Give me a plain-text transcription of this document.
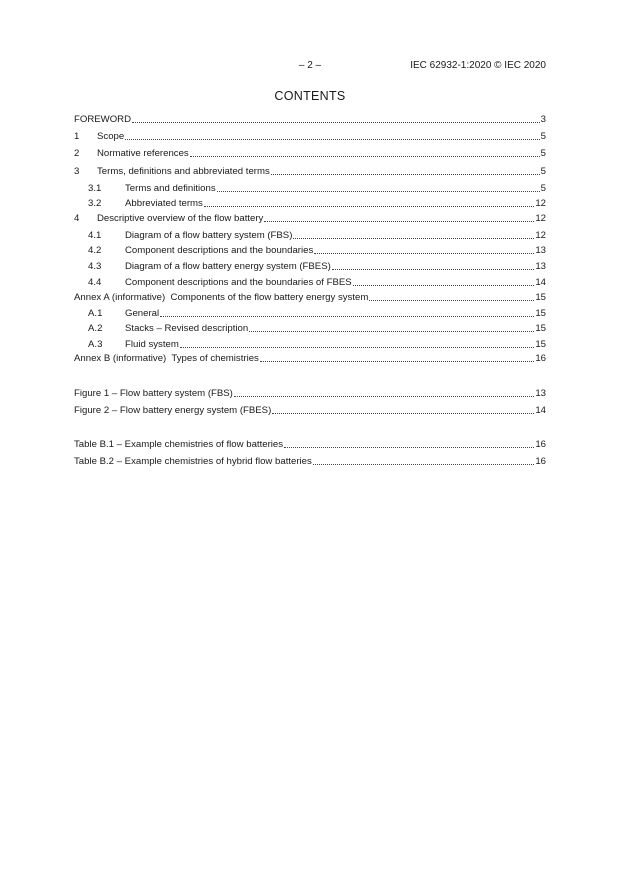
– 2 –	IEC 62932-1:2020 © IEC 2020
CONTENTS
FOREWORD	3
1	Scope	5
2	Normative references	5
3	Terms, definitions and abbreviated terms	5
3.1	Terms and definitions	5
3.2	Abbreviated terms	12
4	Descriptive overview of the flow battery	12
4.1	Diagram of a flow battery system (FBS)	12
4.2	Component descriptions and the boundaries	13
4.3	Diagram of a flow battery energy system (FBES)	13
4.4	Component descriptions and the boundaries of FBES	14
Annex A (informative)  Components of the flow battery energy system	15
A.1	General	15
A.2	Stacks – Revised description	15
A.3	Fluid system	15
Annex B (informative)  Types of chemistries	16
Figure 1 – Flow battery system (FBS)	13
Figure 2 – Flow battery energy system (FBES)	14
Table B.1 – Example chemistries of flow batteries	16
Table B.2 – Example chemistries of hybrid flow batteries	16
